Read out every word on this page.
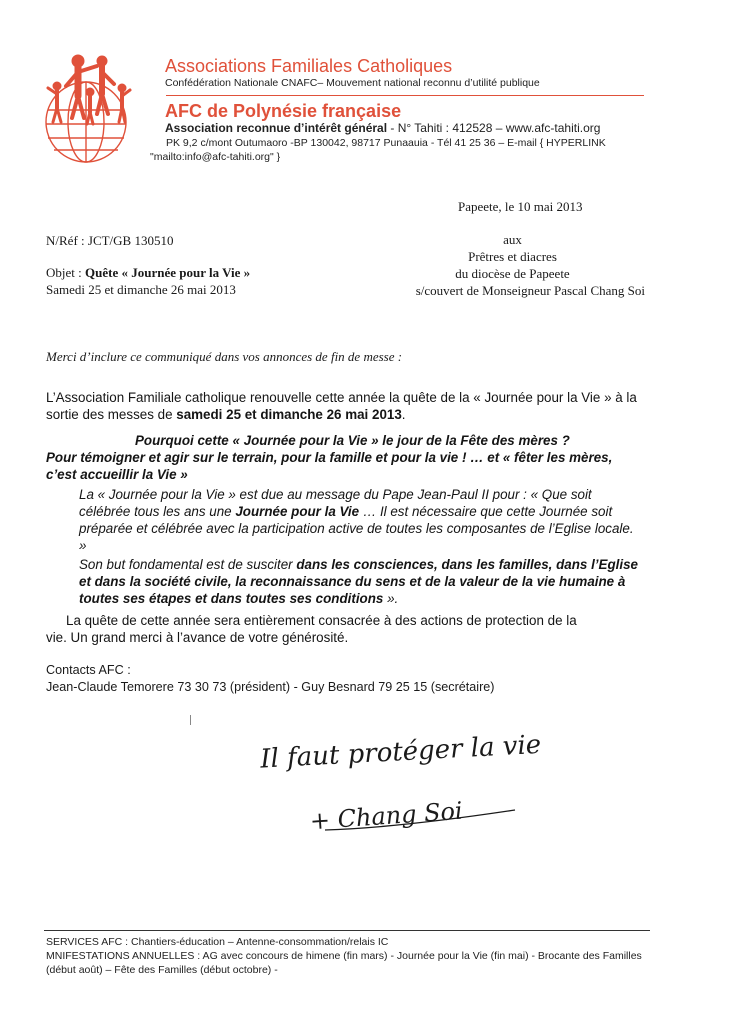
Associations Familiales Catholiques
Confédération Nationale CNAFC– Mouvement national reconnu d’utilité publique
AFC de Polynésie française
Association reconnue d’intérêt général - N° Tahiti : 412528 – www.afc-tahiti.org
PK 9,2 c/mont Outumaoro -BP 130042, 98717 Punaauia - Tél 41 25 36 – E-mail { HYPERLINK
"mailto:info@afc-tahiti.org" }
Papeete, le 10 mai 2013
N/Réf : JCT/GB 130510	aux
Prêtres et diacres
du diocèse de Papeete
s/couvert de Monseigneur Pascal Chang Soi
Objet : Quête « Journée pour la Vie »
Samedi 25 et dimanche 26 mai 2013
Merci d’inclure ce communiqué dans vos annonces de fin de messe :
L’Association Familiale catholique renouvelle cette année la quête de la « Journée pour la Vie » à la sortie des messes de samedi 25 et dimanche 26 mai 2013.
Pourquoi cette « Journée pour la Vie » le jour de la Fête des mères ?
Pour témoigner et agir sur le terrain, pour la famille et pour la vie ! … et « fêter les mères, c’est accueillir la Vie »
La « Journée pour la Vie » est due au message du Pape Jean-Paul II pour : « Que soit célébrée tous les ans une Journée pour la Vie … Il est nécessaire que cette Journée soit préparée et célébrée avec la participation active de toutes les composantes de l’Eglise locale. »
Son but fondamental est de susciter dans les consciences, dans les familles, dans l’Eglise et dans la société civile, la reconnaissance du sens et de la valeur de la vie humaine à toutes ses étapes et dans toutes ses conditions ».
La quête de cette année sera entièrement consacrée à des actions de protection de la
vie. Un grand merci à l’avance de votre générosité.
Contacts AFC :
Jean-Claude Temorere 73 30 73 (président) - Guy Besnard 79 25 15 (secrétaire)
Il faut protéger la vie
+ Chang Soi
SERVICES AFC : Chantiers-éducation – Antenne-consommation/relais IC
MNIFESTATIONS ANNUELLES : AG avec concours de himene (fin mars) - Journée pour la Vie (fin mai) - Brocante des Familles (début août) – Fête des Familles (début octobre) -
